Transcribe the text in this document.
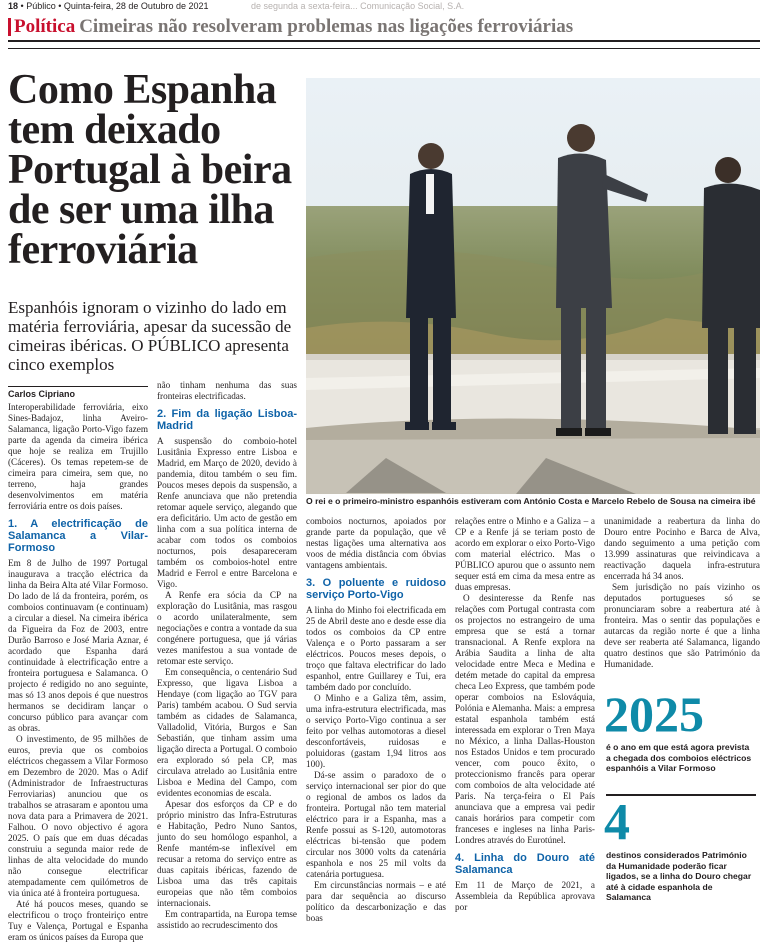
18 • Público • Quinta-feira, 28 de Outubro de 2021	de segunda a sexta-feira... Comunicação Social, S.A.
Política Cimeiras não resolveram problemas nas ligações ferroviárias
Como Espanha tem deixado Portugal à beira de ser uma ilha ferroviária

Espanhóis ignoram o vizinho do lado em matéria ferroviária, apesar da sucessão de cimeiras ibéricas. O PÚBLICO apresenta cinco exemplos

Carlos Cipriano
O rei e o primeiro-ministro espanhóis estiveram com António Costa e Marcelo Rebelo de Sousa na cimeira ibé

Interoperabilidade ferroviária, eixo Sines-Badajoz, linha Aveiro-Salamanca, ligação Porto-Vigo fazem parte da agenda da cimeira ibérica que hoje se realiza em Trujillo (Cáceres). Os temas repetem-se de cimeira para cimeira, sem que, no terreno, haja grandes desenvolvimentos em matéria ferroviária entre os dois países.

1. A electrificação de Salamanca a Vilar-Formoso

Em 8 de Julho de 1997 Portugal inaugurava a tracção eléctrica da linha da Beira Alta até Vilar Formoso. Do lado de lá da fronteira, porém, os comboios continuavam (e continuam) a circular a diesel. Na cimeira ibérica da Figueira da Foz de 2003, entre Durão Barroso e José Maria Aznar, é acordado que Espanha dará continuidade à electrificação entre a fronteira portuguesa e Salamanca. O projecto é redigido no ano seguinte, mas só 13 anos depois é que nuestros hermanos se decidiram lançar o concurso público para avançar com as obras.

O investimento, de 95 milhões de euros, previa que os comboios eléctricos chegassem a Vilar Formoso em Dezembro de 2020. Mas o Adif (Administrador de Infraestructuras Ferroviarias) anunciou que os trabalhos se atrasaram e apontou uma nova data para a Primavera de 2021. Falhou. O novo objectivo é agora 2025. O país que em duas décadas construiu a segunda maior rede de linhas de alta velocidade do mundo não consegue electrificar atempadamente cem quilómetros de via única até à fronteira portuguesa.

Até há poucos meses, quando se electrificou o troço fronteiriço entre Tuy e Valença, Portugal e Espanha eram os únicos países da Europa que

não tinham nenhuma das suas fronteiras electrificadas.

2. Fim da ligação Lisboa-Madrid

A suspensão do comboio-hotel Lusitânia Expresso entre Lisboa e Madrid, em Março de 2020, devido à pandemia, ditou também o seu fim. Poucos meses depois da suspensão, a Renfe anunciava que não pretendia retomar aquele serviço, alegando que era deficitário. Um acto de gestão em linha com a sua política interna de acabar com todos os comboios nocturnos, pois desapareceram também os comboios-hotel entre Madrid e Ferrol e entre Barcelona e Vigo.

A Renfe era sócia da CP na exploração do Lusitânia, mas rasgou o acordo unilateralmente, sem negociações e contra a vontade da sua congénere portuguesa, que já várias vezes manifestou a sua vontade de retomar este serviço.

Em consequência, o centenário Sud Expresso, que ligava Lisboa a Hendaye (com ligação ao TGV para Paris) também acabou. O Sud servia também as cidades de Salamanca, Valladolid, Vitória, Burgos e San Sebastián, que tinham assim uma ligação directa a Portugal. O comboio era explorado só pela CP, mas circulava atrelado ao Lusitânia entre Lisboa e Medina del Campo, com evidentes economias de escala.

Apesar dos esforços da CP e do próprio ministro das Infra-Estruturas e Habitação, Pedro Nuno Santos, junto do seu homólogo espanhol, a Renfe mantém-se inflexível em recusar a retoma do serviço entre as duas capitais ibéricas, fazendo de Lisboa uma das três capitais europeias que não têm comboios internacionais.

Em contrapartida, na Europa temse assistido ao recrudescimento dos

comboios nocturnos, apoiados por grande parte da população, que vê nestas ligações uma alternativa aos voos de média distância com óbvias vantagens ambientais.

3. O poluente e ruidoso serviço Porto-Vigo

A linha do Minho foi electrificada em 25 de Abril deste ano e desde esse dia todos os comboios da CP entre Valença e o Porto passaram a ser eléctricos. Poucos meses depois, o troço que faltava electrificar do lado espanhol, entre Guillarey e Tui, era também dado por concluído.

O Minho e a Galiza têm, assim, uma infra-estrutura electrificada, mas o serviço Porto-Vigo continua a ser feito por velhas automotoras a diesel desconfortáveis, ruidosas e poluidoras (gastam 1,94 litros aos 100).

Dá-se assim o paradoxo de o serviço internacional ser pior do que o regional de ambos os lados da fronteira. Portugal não tem material eléctrico para ir a Espanha, mas a Renfe possui as S-120, automotoras eléctricas bi-tensão que podem circular nos 3000 volts da catenária espanhola e nos 25 mil volts da catenária portuguesa.

Em circunstâncias normais – e até para dar sequência ao discurso político da descarbonização e das boas

relações entre o Minho e a Galiza – a CP e a Renfe já se teriam posto de acordo em explorar o eixo Porto-Vigo com material eléctrico. Mas o PÚBLICO apurou que o assunto nem sequer está em cima da mesa entre as duas empresas.

O desinteresse da Renfe nas relações com Portugal contrasta com os projectos no estrangeiro de uma empresa que se está a tornar transnacional. A Renfe explora na Arábia Saudita a linha de alta velocidade entre Meca e Medina e detém metade do capital da empresa checa Leo Express, que também pode operar comboios na Eslováquia, Polónia e Alemanha. Mais: a empresa estatal espanhola também está interessada em explorar o Tren Maya no México, a linha Dallas-Houston nos Estados Unidos e tem procurado vencer, com pouco êxito, o proteccionismo francês para operar com comboios de alta velocidade até Paris. Na terça-feira o El País anunciava que a empresa vai pedir canais horários para competir com franceses e ingleses na linha Paris-Londres através do Eurotúnel.

4. Linha do Douro até Salamanca

Em 11 de Março de 2021, a Assembleia da República aprovava por

unanimidade a reabertura da linha do Douro entre Pocinho e Barca de Alva, dando seguimento a uma petição com 13.999 assinaturas que reivindicava a reactivação daquela infra-estrutura encerrada há 34 anos.

Sem jurisdição no país vizinho os deputados portugueses só se pronunciaram sobre a reabertura até à fronteira. Mas o sentir das populações e autarcas da região norte é que a linha deve ser reaberta até Salamanca, ligando quatro destinos que são Património da Humanidade.

2025
é o ano em que está agora prevista a chegada dos comboios eléctricos espanhóis a Vilar Formoso
4
destinos considerados Património da Humanidade poderão ficar ligados, se a linha do Douro chegar até à cidade espanhola de Salamanca
